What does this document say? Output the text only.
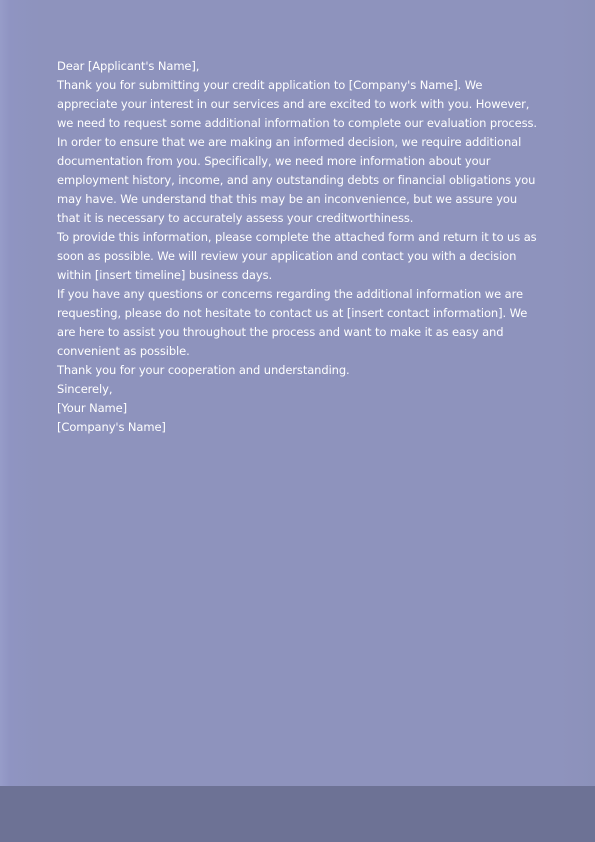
Dear [Applicant's Name],

Thank you for submitting your credit application to [Company's Name]. We appreciate your interest in our services and are excited to work with you. However, we need to request some additional information to complete our evaluation process.

In order to ensure that we are making an informed decision, we require additional documentation from you. Specifically, we need more information about your employment history, income, and any outstanding debts or financial obligations you may have. We understand that this may be an inconvenience, but we assure you that it is necessary to accurately assess your creditworthiness.

To provide this information, please complete the attached form and return it to us as soon as possible. We will review your application and contact you with a decision within [insert timeline] business days.

If you have any questions or concerns regarding the additional information we are requesting, please do not hesitate to contact us at [insert contact information]. We are here to assist you throughout the process and want to make it as easy and convenient as possible.

Thank you for your cooperation and understanding.

Sincerely,

[Your Name]

[Company's Name]
